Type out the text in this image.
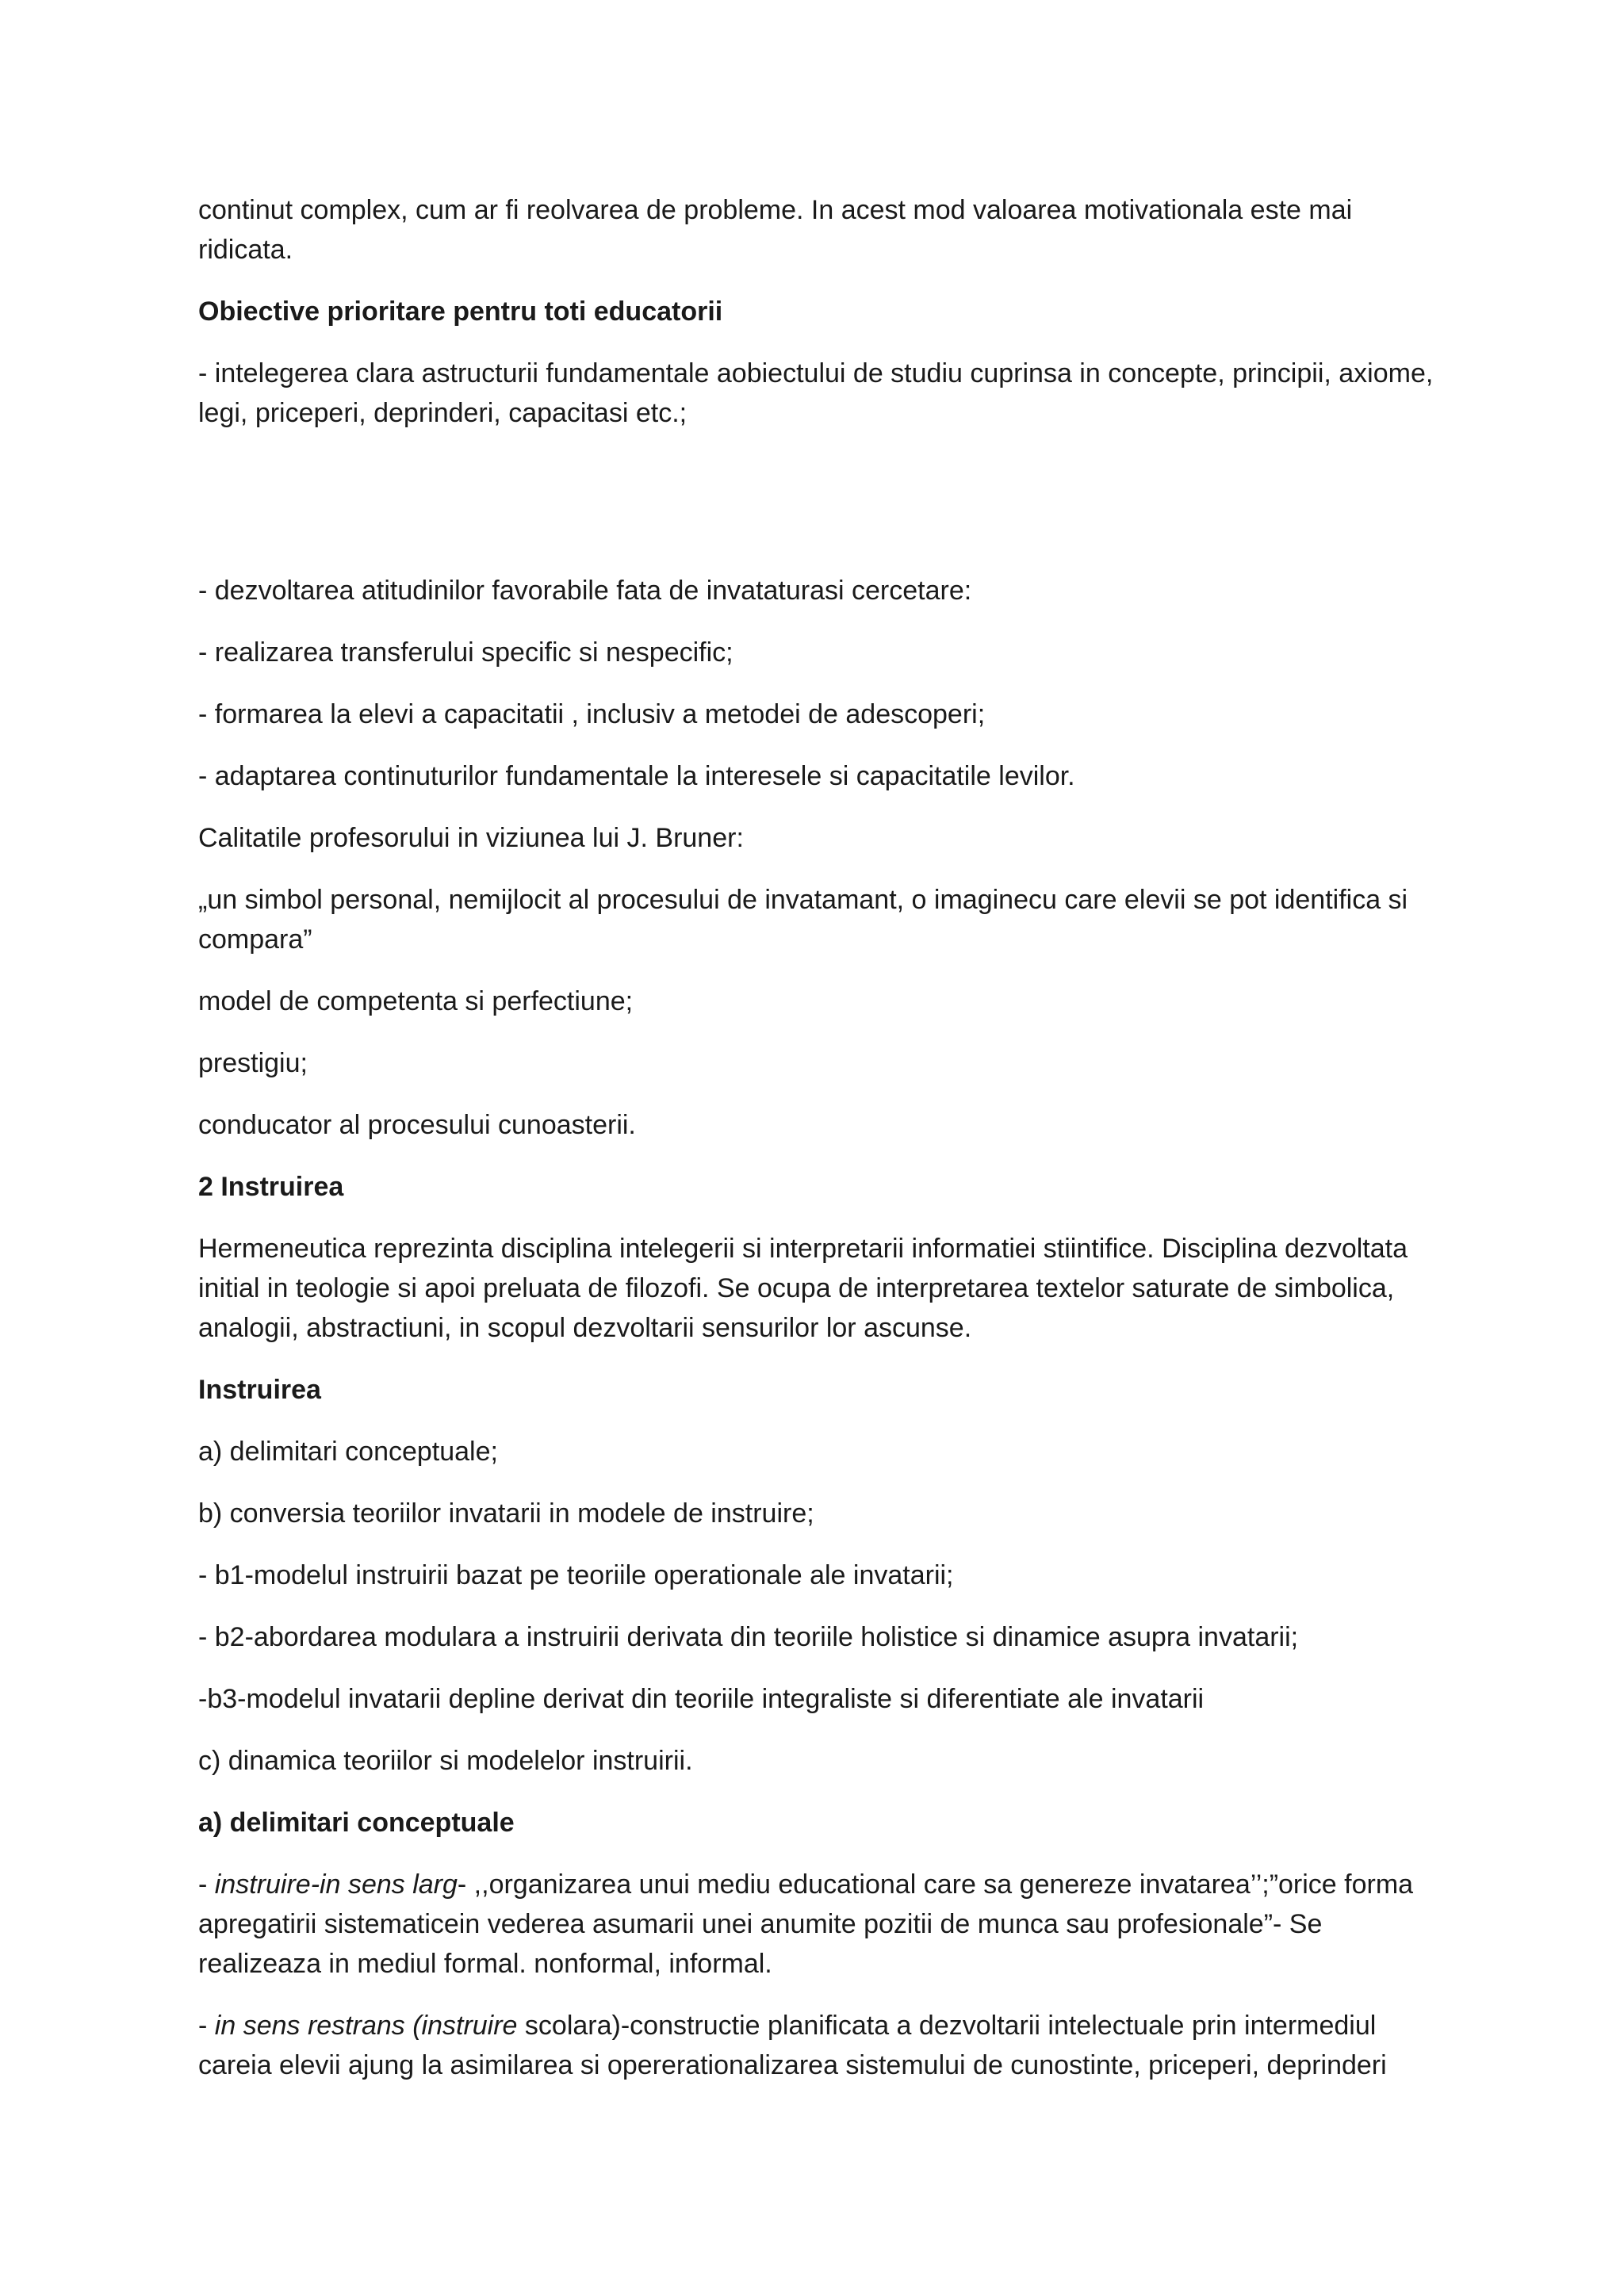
continut complex, cum ar fi reolvarea de probleme. In acest mod valoarea motivationala este mai ridicata.

Obiective prioritare pentru toti educatorii

- intelegerea clara astructurii fundamentale aobiectului de studiu cuprinsa in concepte, principii, axiome, legi, priceperi, deprinderi, capacitasi etc.;

- dezvoltarea atitudinilor favorabile fata de invataturasi cercetare:

- realizarea transferului specific si nespecific;

- formarea la elevi a capacitatii , inclusiv a metodei de adescoperi;

- adaptarea continuturilor fundamentale la interesele si capacitatile levilor.

Calitatile profesorului in viziunea lui J. Bruner:

„un simbol personal, nemijlocit al procesului de invatamant, o imaginecu care elevii se pot identifica si compara”

model de competenta si perfectiune;

prestigiu;

conducator al procesului cunoasterii.

2 Instruirea

Hermeneutica reprezinta disciplina intelegerii si interpretarii informatiei stiintifice. Disciplina dezvoltata initial in teologie si apoi preluata de filozofi. Se ocupa de interpretarea textelor saturate de simbolica, analogii, abstractiuni, in scopul dezvoltarii sensurilor lor ascunse.

Instruirea

a) delimitari conceptuale;

b) conversia teoriilor invatarii in modele de instruire;

- b1-modelul instruirii bazat pe teoriile operationale ale invatarii;

- b2-abordarea modulara a instruirii derivata din teoriile holistice si dinamice asupra invatarii;

-b3-modelul invatarii depline derivat din teoriile integraliste si diferentiate ale invatarii

c) dinamica teoriilor si modelelor instruirii.

a) delimitari conceptuale

- instruire-in sens larg- ,,organizarea unui mediu educational care sa genereze invatarea’’;”orice forma apregatirii sistematicein vederea asumarii unei anumite pozitii de munca sau profesionale”- Se realizeaza in mediul formal. nonformal, informal.

- in sens restrans (instruire scolara)-constructie planificata a dezvoltarii intelectuale prin intermediul careia elevii ajung la asimilarea si opererationalizarea sistemului de cunostinte, priceperi, deprinderi
